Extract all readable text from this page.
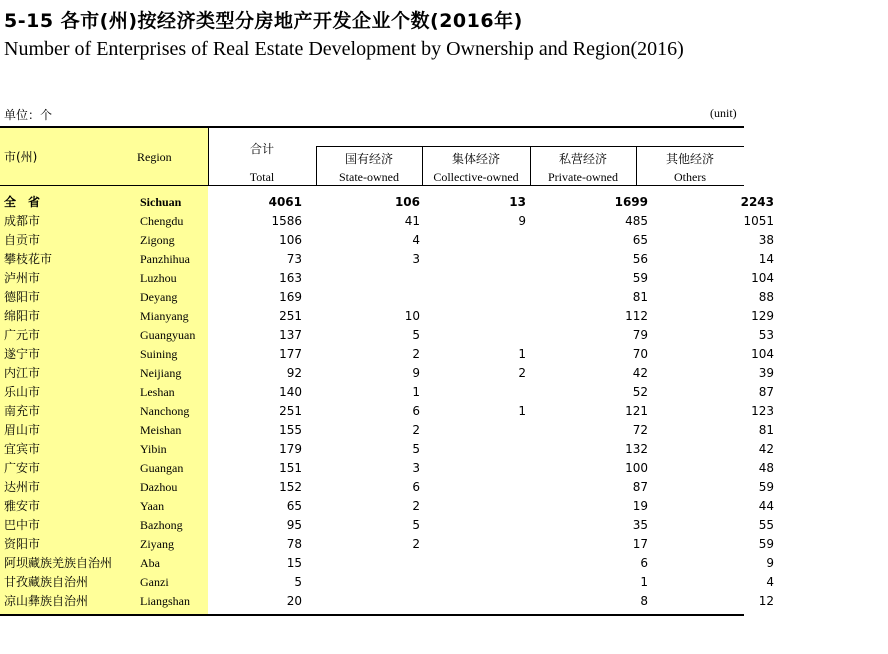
5-15 各市(州)按经济类型分房地产开发企业个数(2016年)
Number of Enterprises of Real Estate Development by Ownership and Region(2016)
单位：个	(unit)
市(州)	Region
合计
Total
国有经济
State-owned
集体经济
Collective-owned
私营经济
Private-owned
其他经济
Others
全　省	Sichuan	4061	106	13	1699	2243
成都市	Chengdu	1586	41	9	485	1051
自贡市	Zigong	106	4		65	38
攀枝花市	Panzhihua	73	3		56	14
泸州市	Luzhou	163			59	104
德阳市	Deyang	169			81	88
绵阳市	Mianyang	251	10		112	129
广元市	Guangyuan	137	5		79	53
遂宁市	Suining	177	2	1	70	104
内江市	Neijiang	92	9	2	42	39
乐山市	Leshan	140	1		52	87
南充市	Nanchong	251	6	1	121	123
眉山市	Meishan	155	2		72	81
宜宾市	Yibin	179	5		132	42
广安市	Guangan	151	3		100	48
达州市	Dazhou	152	6		87	59
雅安市	Yaan	65	2		19	44
巴中市	Bazhong	95	5		35	55
资阳市	Ziyang	78	2		17	59
阿坝藏族羌族自治州	Aba	15			6	9
甘孜藏族自治州	Ganzi	5			1	4
凉山彝族自治州	Liangshan	20			8	12
